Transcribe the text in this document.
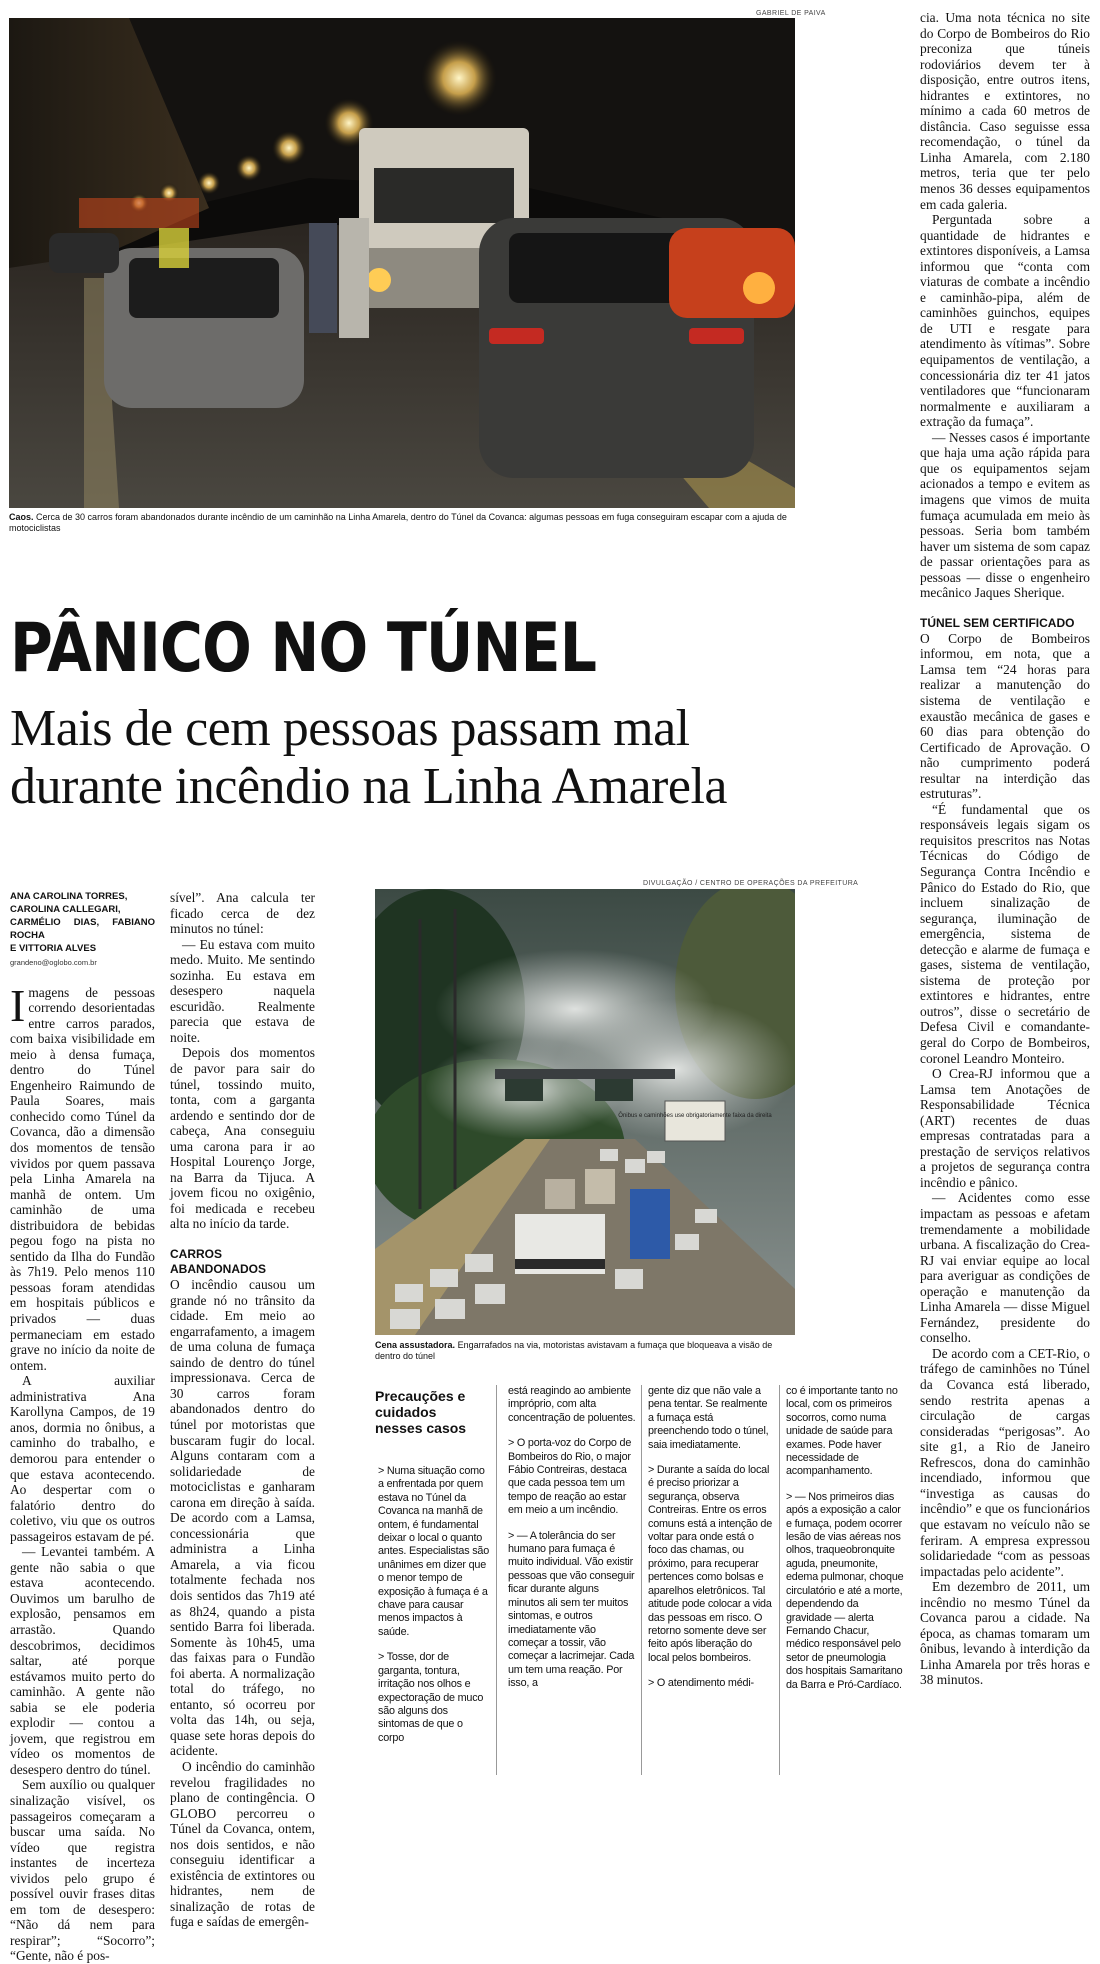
GABRIEL DE PAIVA
Caos. Cerca de 30 carros foram abandonados durante incêndio de um caminhão na Linha Amarela, dentro do Túnel da Covanca: algumas pessoas em fuga conseguiram escapar com a ajuda de motociclistas
PÂNICO NO TÚNEL
Mais de cem pessoas passam mal durante incêndio na Linha Amarela
ANA CAROLINA TORRES,
CAROLINA CALLEGARI,
CARMÉLIO DIAS, FABIANO ROCHA
E VITTORIA ALVES
grandeno@oglobo.com.br

Imagens de pessoas correndo desorientadas entre carros parados, com baixa visibilidade em meio à densa fumaça, dentro do Túnel Engenheiro Raimundo de Paula Soares, mais conhecido como Túnel da Covanca, dão a dimensão dos momentos de tensão vividos por quem passava pela Linha Amarela na manhã de ontem. Um caminhão de uma distribuidora de bebidas pegou fogo na pista no sentido da Ilha do Fundão às 7h19. Pelo menos 110 pessoas foram atendidas em hospitais públicos e privados — duas permaneciam em estado grave no início da noite de ontem.

A auxiliar administrativa Ana Karollyna Campos, de 19 anos, dormia no ônibus, a caminho do trabalho, e demorou para entender o que estava acontecendo. Ao despertar com o falatório dentro do coletivo, viu que os outros passageiros estavam de pé.

— Levantei também. A gente não sabia o que estava acontecendo. Ouvimos um barulho de explosão, pensamos em arrastão. Quando descobrimos, decidimos saltar, até porque estávamos muito perto do caminhão. A gente não sabia se ele poderia explodir — contou a jovem, que registrou em vídeo os momentos de desespero dentro do túnel.

Sem auxílio ou qualquer sinalização visível, os passageiros começaram a buscar uma saída. No vídeo que registra instantes de incerteza vividos pelo grupo é possível ouvir frases ditas em tom de desespero: “Não dá nem para respirar”; “Socorro”; “Gente, não é pos-

sível”. Ana calcula ter ficado cerca de dez minutos no túnel:

— Eu estava com muito medo. Muito. Me sentindo sozinha. Eu estava em desespero naquela escuridão. Realmente parecia que estava de noite.

Depois dos momentos de pavor para sair do túnel, tossindo muito, tonta, com a garganta ardendo e sentindo dor de cabeça, Ana conseguiu uma carona para ir ao Hospital Lourenço Jorge, na Barra da Tijuca. A jovem ficou no oxigênio, foi medicada e recebeu alta no início da tarde.

CARROS ABANDONADOS

O incêndio causou um grande nó no trânsito da cidade. Em meio ao engarrafamento, a imagem de uma coluna de fumaça saindo de dentro do túnel impressionava. Cerca de 30 carros foram abandonados dentro do túnel por motoristas que buscaram fugir do local. Alguns contaram com a solidariedade de motociclistas e ganharam carona em direção à saída. De acordo com a Lamsa, concessionária que administra a Linha Amarela, a via ficou totalmente fechada nos dois sentidos das 7h19 até as 8h24, quando a pista sentido Barra foi liberada. Somente às 10h45, uma das faixas para o Fundão foi aberta. A normalização total do tráfego, no entanto, só ocorreu por volta das 14h, ou seja, quase sete horas depois do acidente.

O incêndio do caminhão revelou fragilidades no plano de contingência. O GLOBO percorreu o Túnel da Covanca, ontem, nos dois sentidos, e não conseguiu identificar a existência de extintores ou hidrantes, nem de sinalização de rotas de fuga e saídas de emergên-

DIVULGAÇÃO / CENTRO DE OPERAÇÕES DA PREFEITURA
Ônibus e caminhões use obrigatoriamente faixa da direita
Cena assustadora. Engarrafados na via, motoristas avistavam a fumaça que bloqueava a visão de dentro do túnel
Precauções e cuidados nesses casos

> Numa situação como a enfrentada por quem estava no Túnel da Covanca na manhã de ontem, é fundamental deixar o local o quanto antes. Especialistas são unânimes em dizer que o menor tempo de exposição à fumaça é a chave para causar menos impactos à saúde.

> Tosse, dor de garganta, tontura, irritação nos olhos e expectoração de muco são alguns dos sintomas de que o corpo

está reagindo ao ambiente impróprio, com alta concentração de poluentes.

> O porta-voz do Corpo de Bombeiros do Rio, o major Fábio Contreiras, destaca que cada pessoa tem um tempo de reação ao estar em meio a um incêndio.

> — A tolerância do ser humano para fumaça é muito individual. Vão existir pessoas que vão conseguir ficar durante alguns minutos ali sem ter muitos sintomas, e outros imediatamente vão começar a tossir, vão começar a lacrimejar. Cada um tem uma reação. Por isso, a

gente diz que não vale a pena tentar. Se realmente a fumaça está preenchendo todo o túnel, saia imediatamente.

> Durante a saída do local é preciso priorizar a segurança, observa Contreiras. Entre os erros comuns está a intenção de voltar para onde está o foco das chamas, ou próximo, para recuperar pertences como bolsas e aparelhos eletrônicos. Tal atitude pode colocar a vida das pessoas em risco. O retorno somente deve ser feito após liberação do local pelos bombeiros.

> O atendimento médi-

co é importante tanto no local, com os primeiros socorros, como numa unidade de saúde para exames. Pode haver necessidade de acompanhamento.

> — Nos primeiros dias após a exposição a calor e fumaça, podem ocorrer lesão de vias aéreas nos olhos, traqueobronquite aguda, pneumonite, edema pulmonar, choque circulatório e até a morte, dependendo da gravidade — alerta Fernando Chacur, médico responsável pelo setor de pneumologia dos hospitais Samaritano da Barra e Pró-Cardíaco.

cia. Uma nota técnica no site do Corpo de Bombeiros do Rio preconiza que túneis rodoviários devem ter à disposição, entre outros itens, hidrantes e extintores, no mínimo a cada 60 metros de distância. Caso seguisse essa recomendação, o túnel da Linha Amarela, com 2.180 metros, teria que ter pelo menos 36 desses equipamentos em cada galeria.

Perguntada sobre a quantidade de hidrantes e extintores disponíveis, a Lamsa informou que “conta com viaturas de combate a incêndio e caminhão-pipa, além de caminhões guinchos, equipes de UTI e resgate para atendimento às vítimas”. Sobre equipamentos de ventilação, a concessionária diz ter 41 jatos ventiladores que “funcionaram normalmente e auxiliaram a extração da fumaça”.

— Nesses casos é importante que haja uma ação rápida para que os equipamentos sejam acionados a tempo e evitem as imagens que vimos de muita fumaça acumulada em meio às pessoas. Seria bom também haver um sistema de som capaz de passar orientações para as pessoas — disse o engenheiro mecânico Jaques Sherique.

TÚNEL SEM CERTIFICADO

O Corpo de Bombeiros informou, em nota, que a Lamsa tem “24 horas para realizar a manutenção do sistema de ventilação e exaustão mecânica de gases e 60 dias para obtenção do Certificado de Aprovação. O não cumprimento poderá resultar na interdição das estruturas”.

“É fundamental que os responsáveis legais sigam os requisitos prescritos nas Notas Técnicas do Código de Segurança Contra Incêndio e Pânico do Estado do Rio, que incluem sinalização de segurança, iluminação de emergência, sistema de detecção e alarme de fumaça e gases, sistema de ventilação, sistema de proteção por extintores e hidrantes, entre outros”, disse o secretário de Defesa Civil e comandante-geral do Corpo de Bombeiros, coronel Leandro Monteiro.

O Crea-RJ informou que a Lamsa tem Anotações de Responsabilidade Técnica (ART) recentes de duas empresas contratadas para a prestação de serviços relativos a projetos de segurança contra incêndio e pânico.

— Acidentes como esse impactam as pessoas e afetam tremendamente a mobilidade urbana. A fiscalização do Crea-RJ vai enviar equipe ao local para averiguar as condições de operação e manutenção da Linha Amarela — disse Miguel Fernández, presidente do conselho.

De acordo com a CET-Rio, o tráfego de caminhões no Túnel da Covanca está liberado, sendo restrita apenas a circulação de cargas consideradas “perigosas”. Ao site g1, a Rio de Janeiro Refrescos, dona do caminhão incendiado, informou que “investiga as causas do incêndio” e que os funcionários que estavam no veículo não se feriram. A empresa expressou solidariedade “com as pessoas impactadas pelo acidente”.

Em dezembro de 2011, um incêndio no mesmo Túnel da Covanca parou a cidade. Na época, as chamas tomaram um ônibus, levando à interdição da Linha Amarela por três horas e 38 minutos.
